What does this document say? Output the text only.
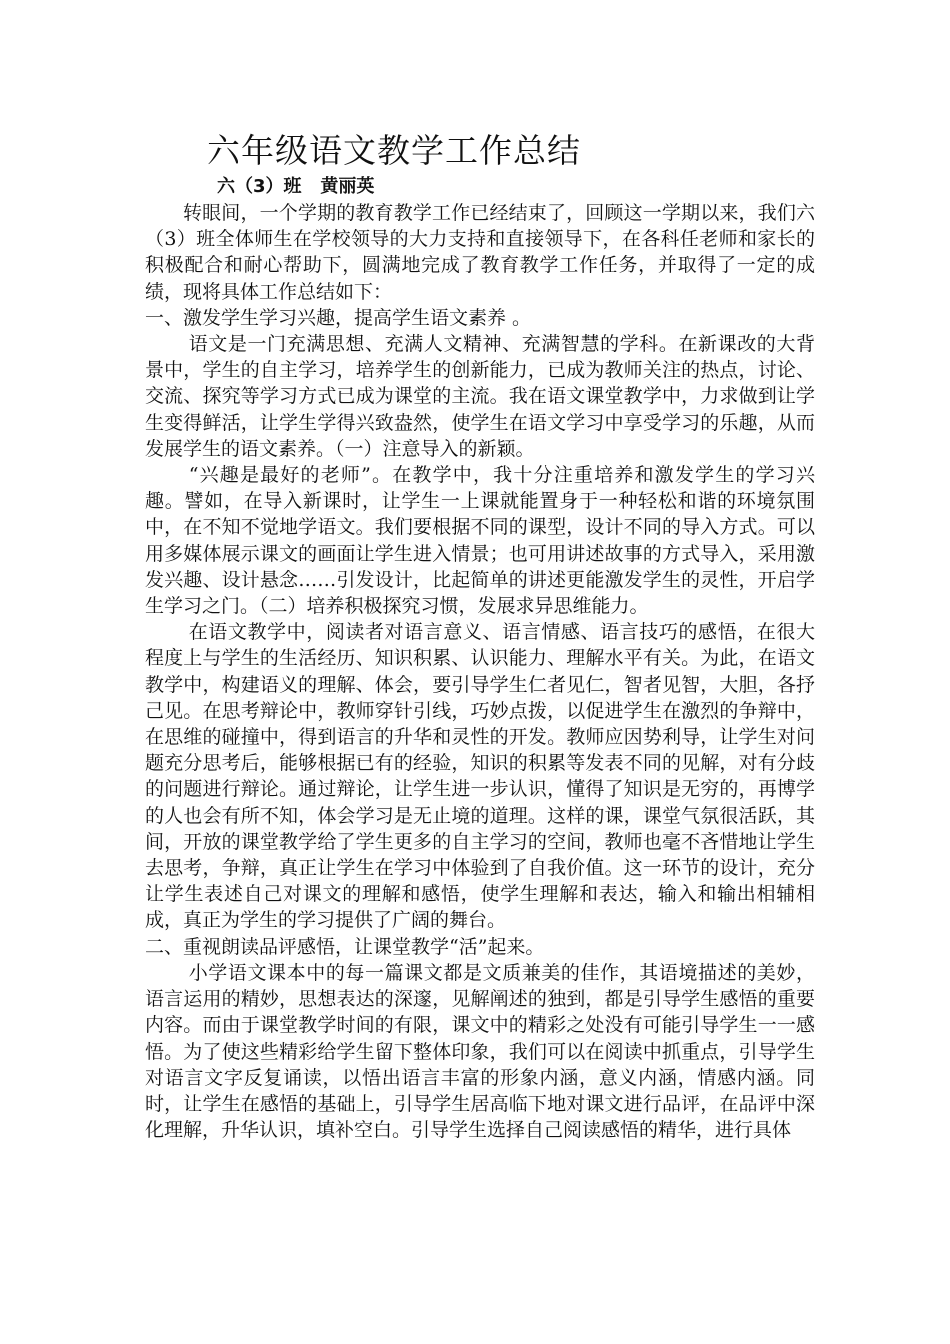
六年级语文教学工作总结
六（3）班   黄丽英

转眼间，一个学期的教育教学工作已经结束了，回顾这一学期以来，我们六（3）班全体师生在学校领导的大力支持和直接领导下，在各科任老师和家长的积极配合和耐心帮助下，圆满地完成了教育教学工作任务，并取得了一定的成绩，现将具体工作总结如下：

一、激发学生学习兴趣，提高学生语文素养 。

语文是一门充满思想、充满人文精神、充满智慧的学科。在新课改的大背景中，学生的自主学习，培养学生的创新能力，已成为教师关注的热点，讨论、交流、探究等学习方式已成为课堂的主流。我在语文课堂教学中，力求做到让学生变得鲜活，让学生学得兴致盎然，使学生在语文学习中享受学习的乐趣，从而发展学生的语文素养。（一）注意导入的新颖。

“兴趣是最好的老师”。在教学中，我十分注重培养和激发学生的学习兴趣。譬如，在导入新课时，让学生一上课就能置身于一种轻松和谐的环境氛围中，在不知不觉地学语文。我们要根据不同的课型，设计不同的导入方式。可以用多媒体展示课文的画面让学生进入情景；也可用讲述故事的方式导入，采用激发兴趣、设计悬念……引发设计，比起简单的讲述更能激发学生的灵性，开启学生学习之门。（二）培养积极探究习惯，发展求异思维能力。

在语文教学中，阅读者对语言意义、语言情感、语言技巧的感悟，在很大程度上与学生的生活经历、知识积累、认识能力、理解水平有关。为此，在语文教学中，构建语义的理解、体会，要引导学生仁者见仁，智者见智，大胆，各抒己见。在思考辩论中，教师穿针引线，巧妙点拨，以促进学生在激烈的争辩中，在思维的碰撞中，得到语言的升华和灵性的开发。教师应因势利导，让学生对问题充分思考后，能够根据已有的经验，知识的积累等发表不同的见解，对有分歧的问题进行辩论。通过辩论，让学生进一步认识，懂得了知识是无穷的，再博学的人也会有所不知，体会学习是无止境的道理。这样的课，课堂气氛很活跃，其间，开放的课堂教学给了学生更多的自主学习的空间，教师也毫不吝惜地让学生去思考，争辩，真正让学生在学习中体验到了自我价值。这一环节的设计，充分让学生表述自己对课文的理解和感悟，使学生理解和表达，输入和输出相辅相成，真正为学生的学习提供了广阔的舞台。

二、重视朗读品评感悟，让课堂教学“活”起来。

小学语文课本中的每一篇课文都是文质兼美的佳作，其语境描述的美妙，语言运用的精妙，思想表达的深邃，见解阐述的独到，都是引导学生感悟的重要内容。而由于课堂教学时间的有限，课文中的精彩之处没有可能引导学生一一感悟。为了使这些精彩给学生留下整体印象，我们可以在阅读中抓重点，引导学生对语言文字反复诵读，以悟出语言丰富的形象内涵，意义内涵，情感内涵。同时，让学生在感悟的基础上，引导学生居高临下地对课文进行品评，在品评中深化理解，升华认识，填补空白。引导学生选择自己阅读感悟的精华，进行具体
